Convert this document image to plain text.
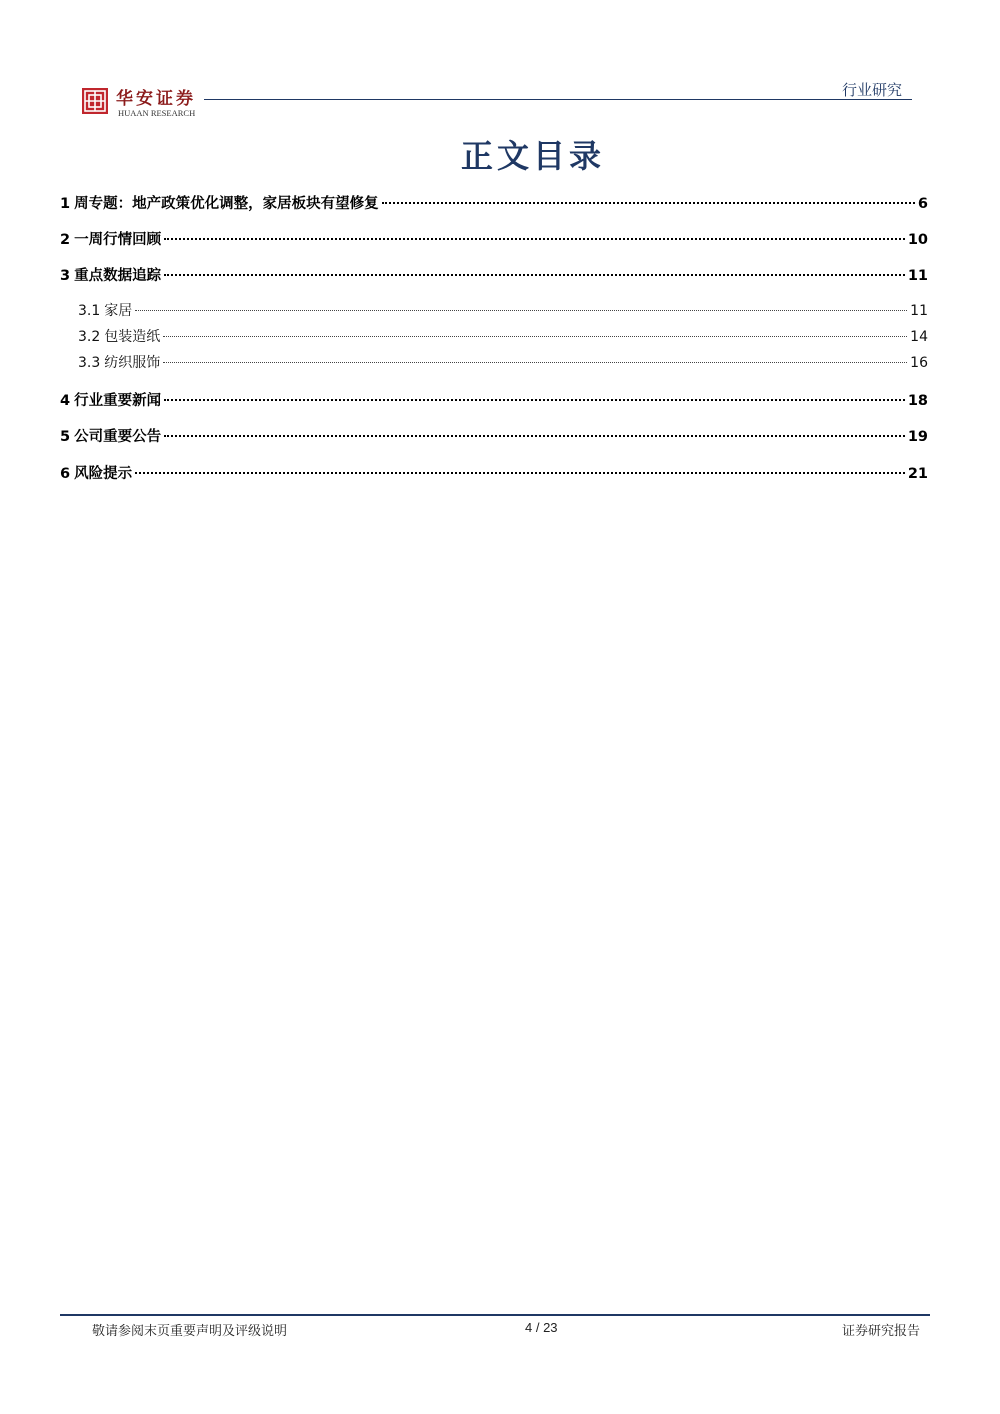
华安证券
HUAAN RESEARCH
行业研究
正文目录
1 周专题：地产政策优化调整，家居板块有望修复	6
2 一周行情回顾	10
3 重点数据追踪	11
3.1 家居	11
3.2 包装造纸	14
3.3 纺织服饰	16
4 行业重要新闻	18
5 公司重要公告	19
6 风险提示	21
敬请参阅末页重要声明及评级说明	4 / 23	证券研究报告
